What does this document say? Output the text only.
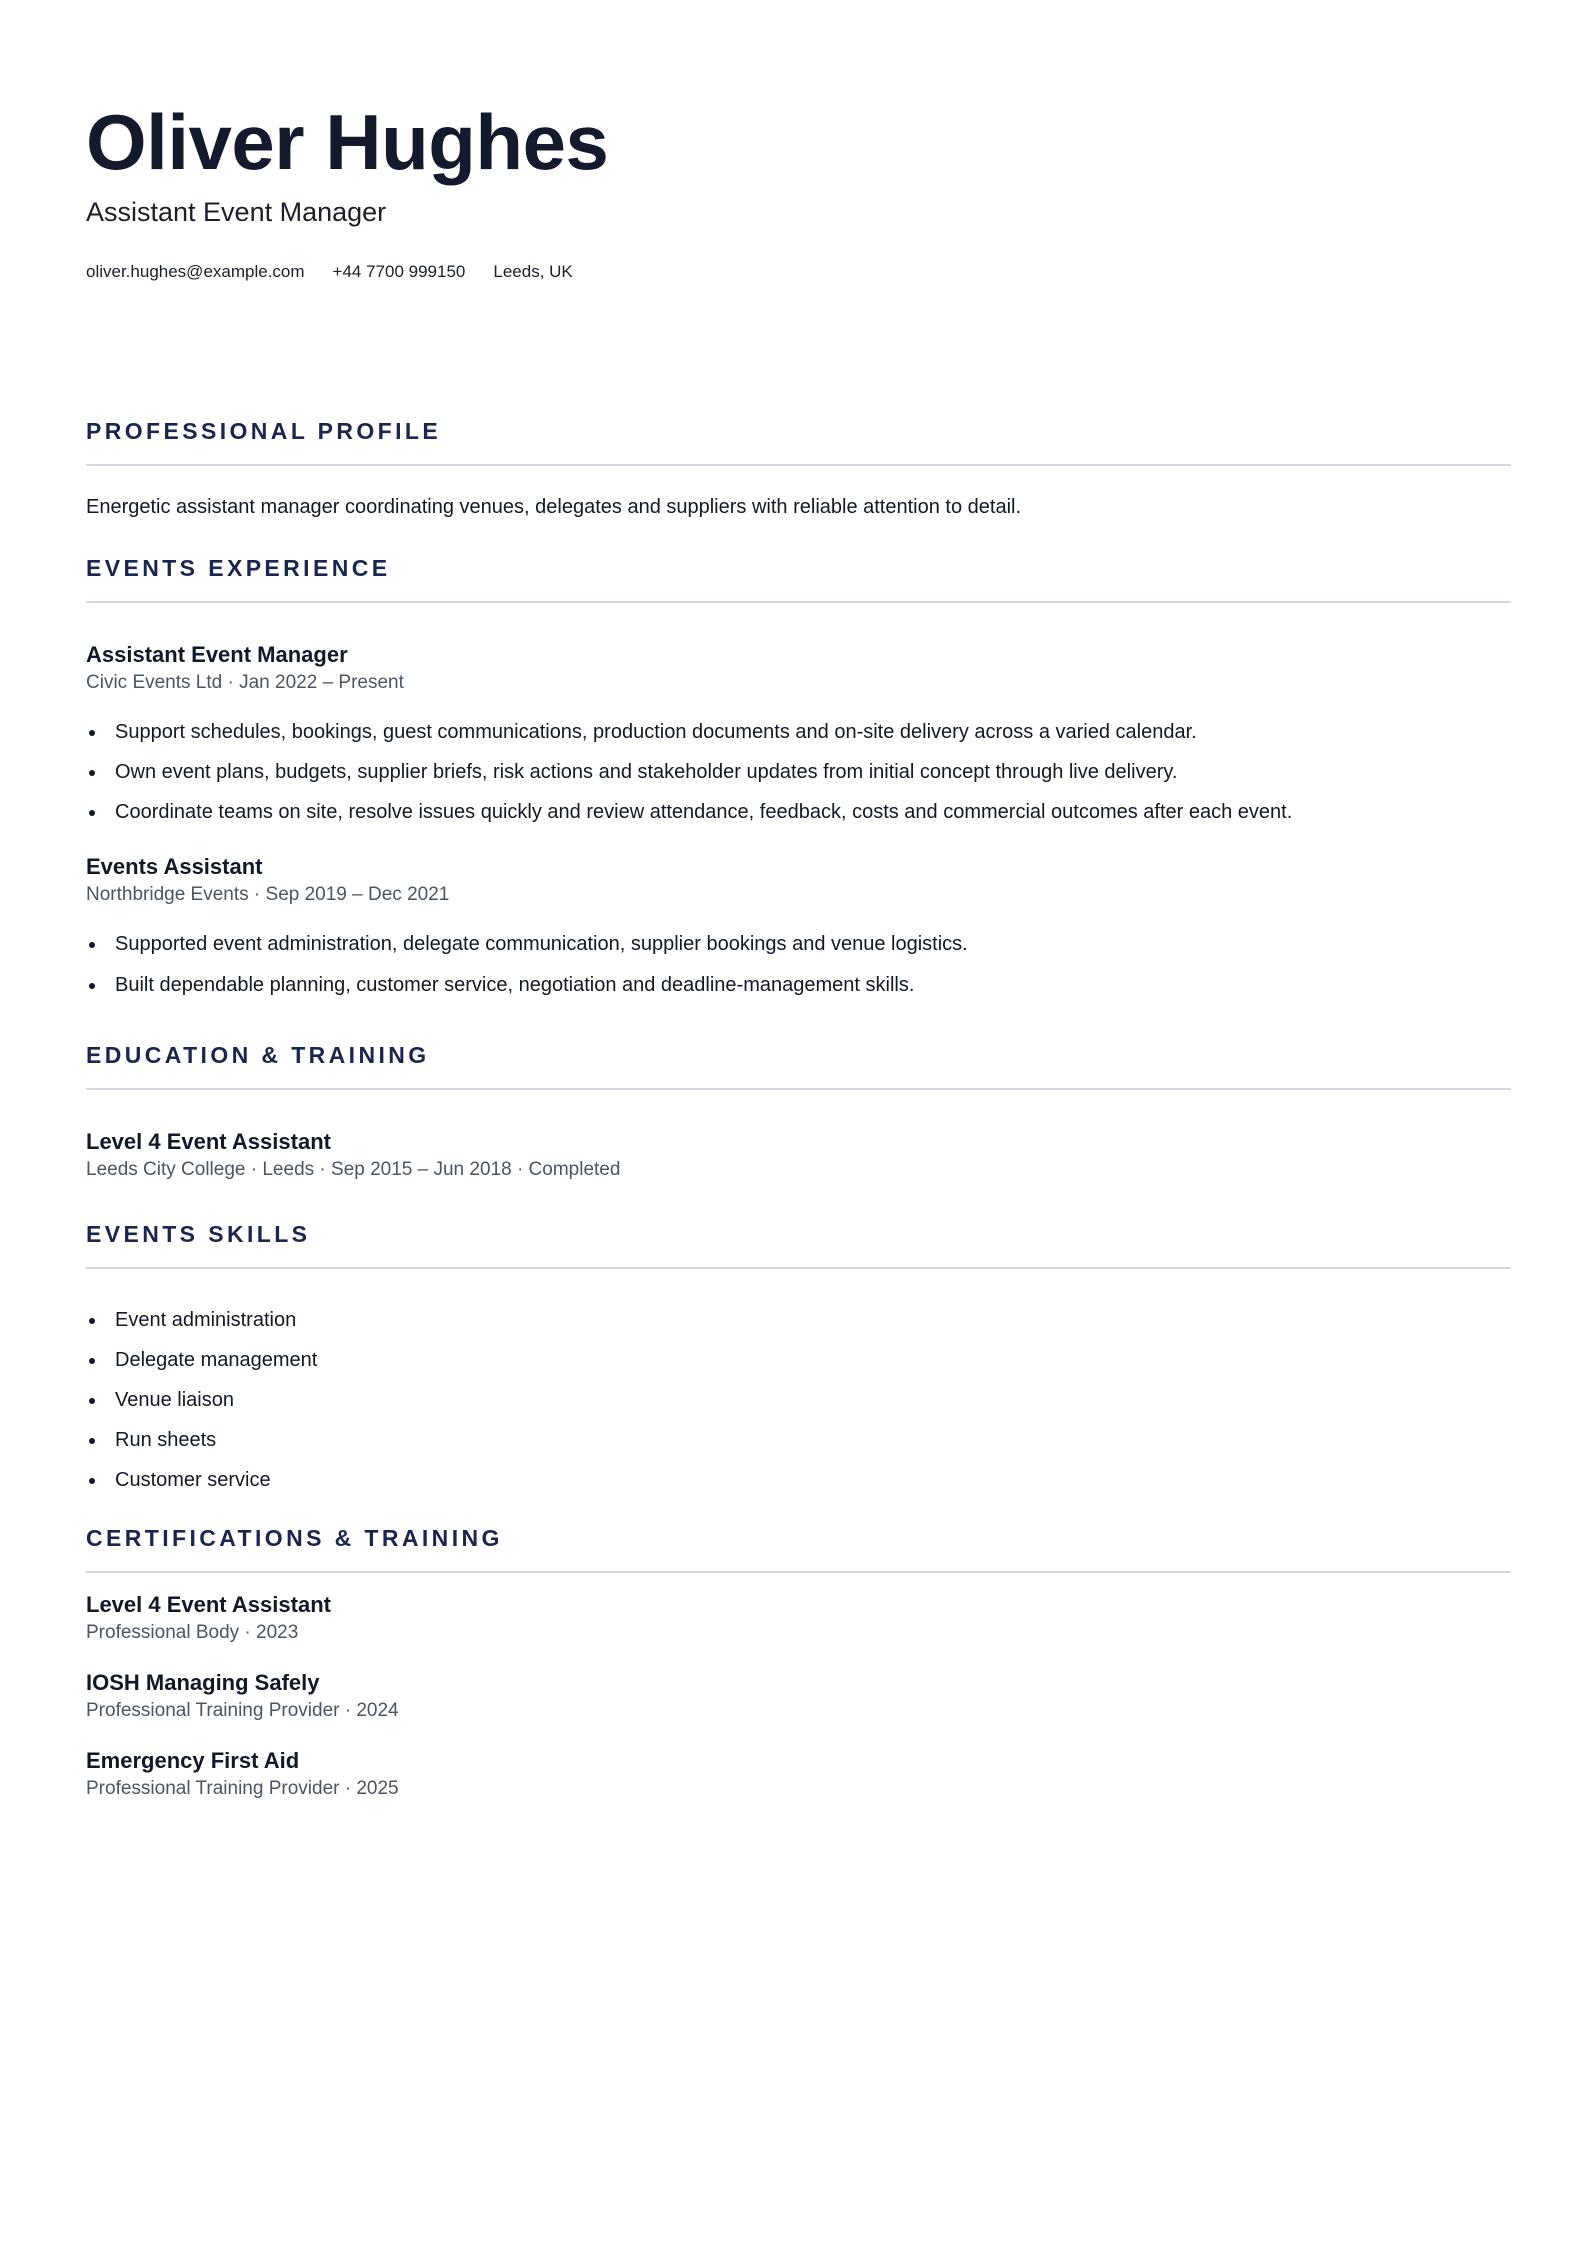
Oliver Hughes
Assistant Event Manager
oliver.hughes@example.com +44 7700 999150 Leeds, UK
PROFESSIONAL PROFILE
Energetic assistant manager coordinating venues, delegates and suppliers with reliable attention to detail.
EVENTS EXPERIENCE
Assistant Event Manager
Civic Events Ltd · Jan 2022 – Present
Support schedules, bookings, guest communications, production documents and on-site delivery across a varied calendar.
Own event plans, budgets, supplier briefs, risk actions and stakeholder updates from initial concept through live delivery.
Coordinate teams on site, resolve issues quickly and review attendance, feedback, costs and commercial outcomes after each event.
Events Assistant
Northbridge Events · Sep 2019 – Dec 2021
Supported event administration, delegate communication, supplier bookings and venue logistics.
Built dependable planning, customer service, negotiation and deadline-management skills.
EDUCATION & TRAINING
Level 4 Event Assistant
Leeds City College · Leeds · Sep 2015 – Jun 2018 · Completed
EVENTS SKILLS
Event administration
Delegate management
Venue liaison
Run sheets
Customer service
CERTIFICATIONS & TRAINING
Level 4 Event Assistant
Professional Body · 2023
IOSH Managing Safely
Professional Training Provider · 2024
Emergency First Aid
Professional Training Provider · 2025
